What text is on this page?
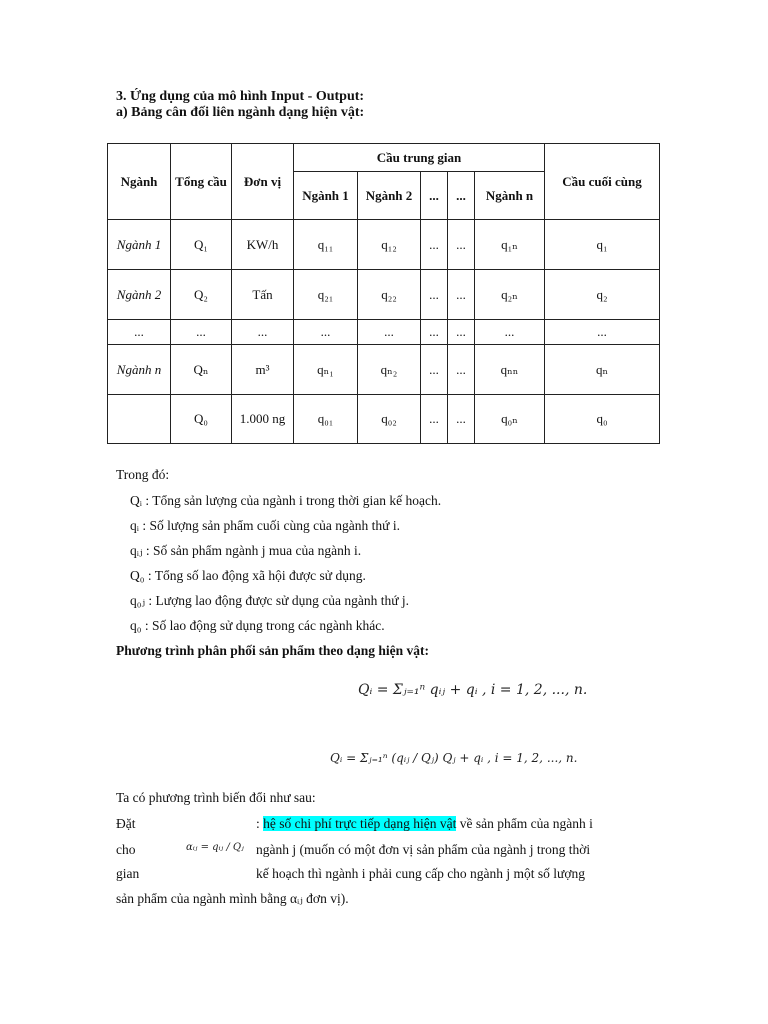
3. Ứng dụng của mô hình Input - Output:
a) Bảng cân đối liên ngành dạng hiện vật:
Ngành	Tổng cầu	Đơn vị	Cầu trung gian					Cầu cuối cùng
			Ngành 1	Ngành 2	...	...	Ngành n	
Ngành 1	Q₁	KW/h	q₁₁	q₁₂	...	...	q₁ₙ	q₁
Ngành 2	Q₂	Tấn	q₂₁	q₂₂	...	...	q₂ₙ	q₂
...	...	...	...	...	...	...	...	...
Ngành n	Qₙ	m³	qₙ₁	qₙ₂	...	...	qₙₙ	qₙ
	Q₀	1.000 ng	q₀₁	q₀₂	...	...	q₀ₙ	q₀
Trong đó:
Qᵢ : Tổng sản lượng của ngành i trong thời gian kế hoạch.
qᵢ : Số lượng sản phẩm cuối cùng của ngành thứ i.
qᵢⱼ : Số sản phẩm ngành j mua của ngành i.
Q₀ : Tổng số lao động xã hội được sử dụng.
q₀ⱼ : Lượng lao động được sử dụng của ngành thứ j.
q₀ : Số lao động sử dụng trong các ngành khác.
Phương trình phân phối sản phẩm theo dạng hiện vật:
Qᵢ = Σⱼ₌₁ⁿ qᵢⱼ + qᵢ , i = 1, 2, ..., n.
Qᵢ = Σⱼ₌₁ⁿ (qᵢⱼ / Qⱼ) Qⱼ + qᵢ , i = 1, 2, ..., n.
Ta có phương trình biến đổi như sau:
Đặt
cho
gian
αᵢⱼ = qᵢⱼ / Qⱼ
: hệ số chi phí trực tiếp dạng hiện vật về sản phẩm của ngành i
ngành j (muốn có một đơn vị sản phẩm của ngành j trong thời
kế hoạch thì ngành i phải cung cấp cho ngành j một số lượng
sản phẩm của ngành mình bằng αᵢⱼ đơn vị).
